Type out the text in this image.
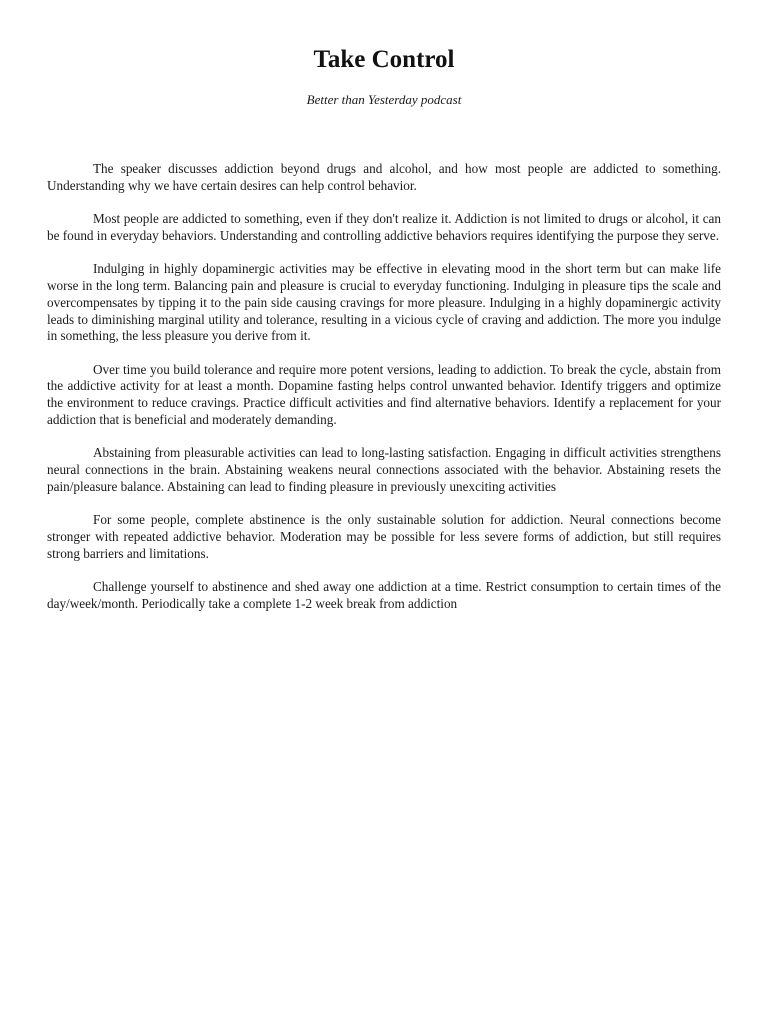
Take Control

Better than Yesterday podcast

The speaker discusses addiction beyond drugs and alcohol, and how most people are addicted to something. Understanding why we have certain desires can help control behavior.

Most people are addicted to something, even if they don't realize it. Addiction is not limited to drugs or alcohol, it can be found in everyday behaviors. Understanding and controlling addictive behaviors requires identifying the purpose they serve.

Indulging in highly dopaminergic activities may be effective in elevating mood in the short term but can make life worse in the long term. Balancing pain and pleasure is crucial to everyday functioning. Indulging in pleasure tips the scale and overcompensates by tipping it to the pain side causing cravings for more pleasure. Indulging in a highly dopaminergic activity leads to diminishing marginal utility and tolerance, resulting in a vicious cycle of craving and addiction. The more you indulge in something, the less pleasure you derive from it.

Over time you build tolerance and require more potent versions, leading to addiction. To break the cycle, abstain from the addictive activity for at least a month. Dopamine fasting helps control unwanted behavior. Identify triggers and optimize the environment to reduce cravings. Practice difficult activities and find alternative behaviors. Identify a replacement for your addiction that is beneficial and moderately demanding.

Abstaining from pleasurable activities can lead to long-lasting satisfaction. Engaging in difficult activities strengthens neural connections in the brain. Abstaining weakens neural connections associated with the behavior. Abstaining resets the pain/pleasure balance. Abstaining can lead to finding pleasure in previously unexciting activities

For some people, complete abstinence is the only sustainable solution for addiction. Neural connections become stronger with repeated addictive behavior. Moderation may be possible for less severe forms of addiction, but still requires strong barriers and limitations.

Challenge yourself to abstinence and shed away one addiction at a time. Restrict consumption to certain times of the day/week/month. Periodically take a complete 1-2 week break from addiction
